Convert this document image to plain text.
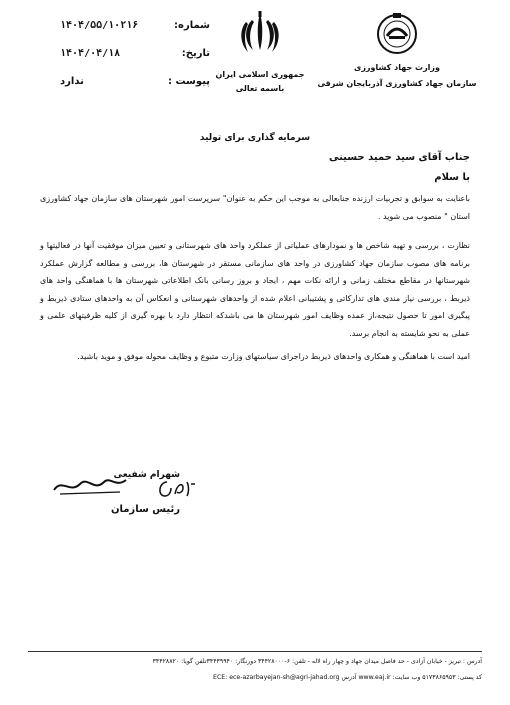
شماره:
۱۴۰۴/۵۵/۱۰۲۱۶
تاریخ:
۱۴۰۴/۰۴/۱۸
پیوست :
ندارد
جمهوری اسلامی ایران
باسمه تعالی
وزارت جهاد کشاورزی
سازمان جهاد کشاورزی آذربایجان شرقی
سرمایه گذاری برای تولید
جناب آقای سید حمید حسینی
با سلام

باعنایت به سوابق و تجربیات ارزنده جنابعالی به موجب این حکم به عنوان" سرپرست امور شهرستان های سازمان جهاد کشاورزی استان " منصوب می شوید .

نظارت ، بررسی و تهیه شاخص ها و نمودارهای عملیاتی از عملکرد واحد های شهرستانی و تعیین میزان موفقیت آنها در فعالیتها و برنامه های مصوب سازمان جهاد کشاورزی در واحد های سازمانی مستقر در شهرستان ها، بررسی و مطالعه گزارش عملکرد شهرستانها در مقاطع مختلف زمانی و ارائه نکات مهم ، ایجاد و بروز رسانی بانک اطلاعاتی شهرستان ها با هماهنگی واحد های ذیربط ، بررسی نیاز مندی های تدارکاتی و پشتیبانی اعلام شده از واحدهای شهرستانی و انعکاس آن به واحدهای ستادی ذیربط و پیگیری امور تا حصول نتیجه،از عمده وظایف امور شهرستان ها می باشدکه انتظار دارد با بهره گیری از کلیه ظرفیتهای علمی و عملی به نحو شایسته به انجام برسد.

امید است با هماهنگی و همکاری واحدهای ذیربط دراجرای سیاستهای وزارت متبوع و وظایف محوله موفق و موید باشید.

شهرام شفیعی
رئیس سازمان
آدرس : تبریز - خیابان آزادی - حد فاصل میدان جهاد و چهار راه لاله - تلفن: ۶-۳۴۴۲۸۰۰۰ دورنگار: ۳۴۴۳۹۹۴۰تلفن گویا: ۳۴۴۲۸۸۲۰
کد پستی: ۵۱۷۳۸۶۵۹۵۳ وب سایت: www.eaj.ir آدرس ECE: ece-azarbayejan-sh@agri-jahad.org
